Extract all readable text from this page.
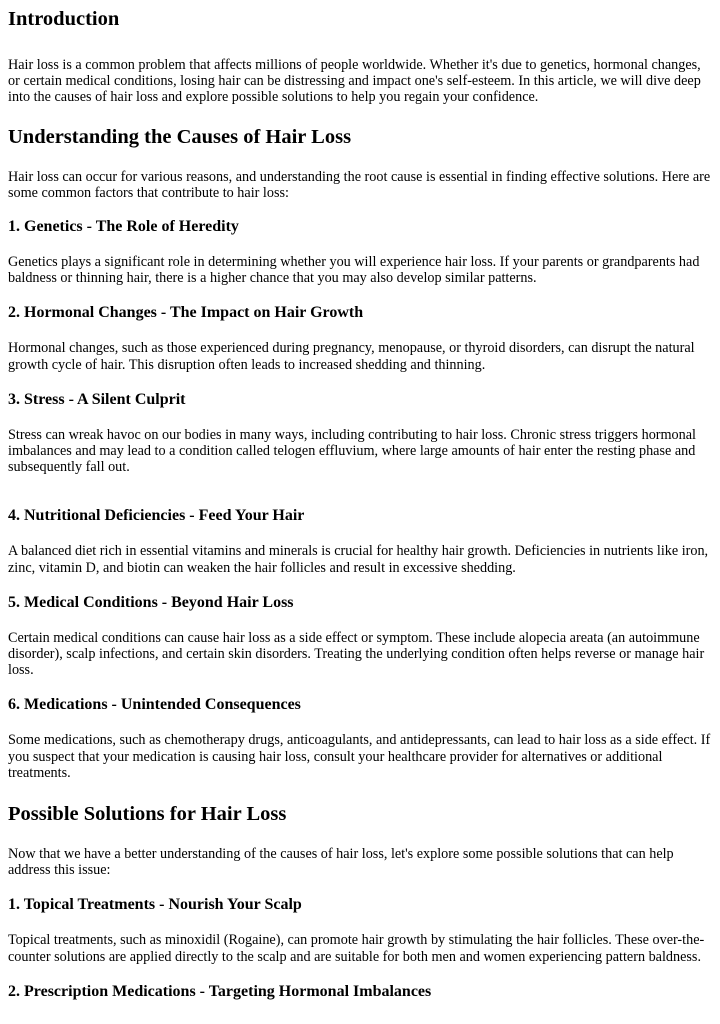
Introduction

Hair loss is a common problem that affects millions of people worldwide. Whether it's due to genetics, hormonal changes, or certain medical conditions, losing hair can be distressing and impact one's self-esteem. In this article, we will dive deep into the causes of hair loss and explore possible solutions to help you regain your confidence.

Understanding the Causes of Hair Loss

Hair loss can occur for various reasons, and understanding the root cause is essential in finding effective solutions. Here are some common factors that contribute to hair loss:

1. Genetics - The Role of Heredity

Genetics plays a significant role in determining whether you will experience hair loss. If your parents or grandparents had baldness or thinning hair, there is a higher chance that you may also develop similar patterns.

2. Hormonal Changes - The Impact on Hair Growth

Hormonal changes, such as those experienced during pregnancy, menopause, or thyroid disorders, can disrupt the natural growth cycle of hair. This disruption often leads to increased shedding and thinning.

3. Stress - A Silent Culprit

Stress can wreak havoc on our bodies in many ways, including contributing to hair loss. Chronic stress triggers hormonal imbalances and may lead to a condition called telogen effluvium, where large amounts of hair enter the resting phase and subsequently fall out.

4. Nutritional Deficiencies - Feed Your Hair

A balanced diet rich in essential vitamins and minerals is crucial for healthy hair growth. Deficiencies in nutrients like iron, zinc, vitamin D, and biotin can weaken the hair follicles and result in excessive shedding.

5. Medical Conditions - Beyond Hair Loss

Certain medical conditions can cause hair loss as a side effect or symptom. These include alopecia areata (an autoimmune disorder), scalp infections, and certain skin disorders. Treating the underlying condition often helps reverse or manage hair loss.

6. Medications - Unintended Consequences

Some medications, such as chemotherapy drugs, anticoagulants, and antidepressants, can lead to hair loss as a side effect. If you suspect that your medication is causing hair loss, consult your healthcare provider for alternatives or additional treatments.

Possible Solutions for Hair Loss

Now that we have a better understanding of the causes of hair loss, let's explore some possible solutions that can help address this issue:

1. Topical Treatments - Nourish Your Scalp

Topical treatments, such as minoxidil (Rogaine), can promote hair growth by stimulating the hair follicles. These over-the-counter solutions are applied directly to the scalp and are suitable for both men and women experiencing pattern baldness.

2. Prescription Medications - Targeting Hormonal Imbalances
